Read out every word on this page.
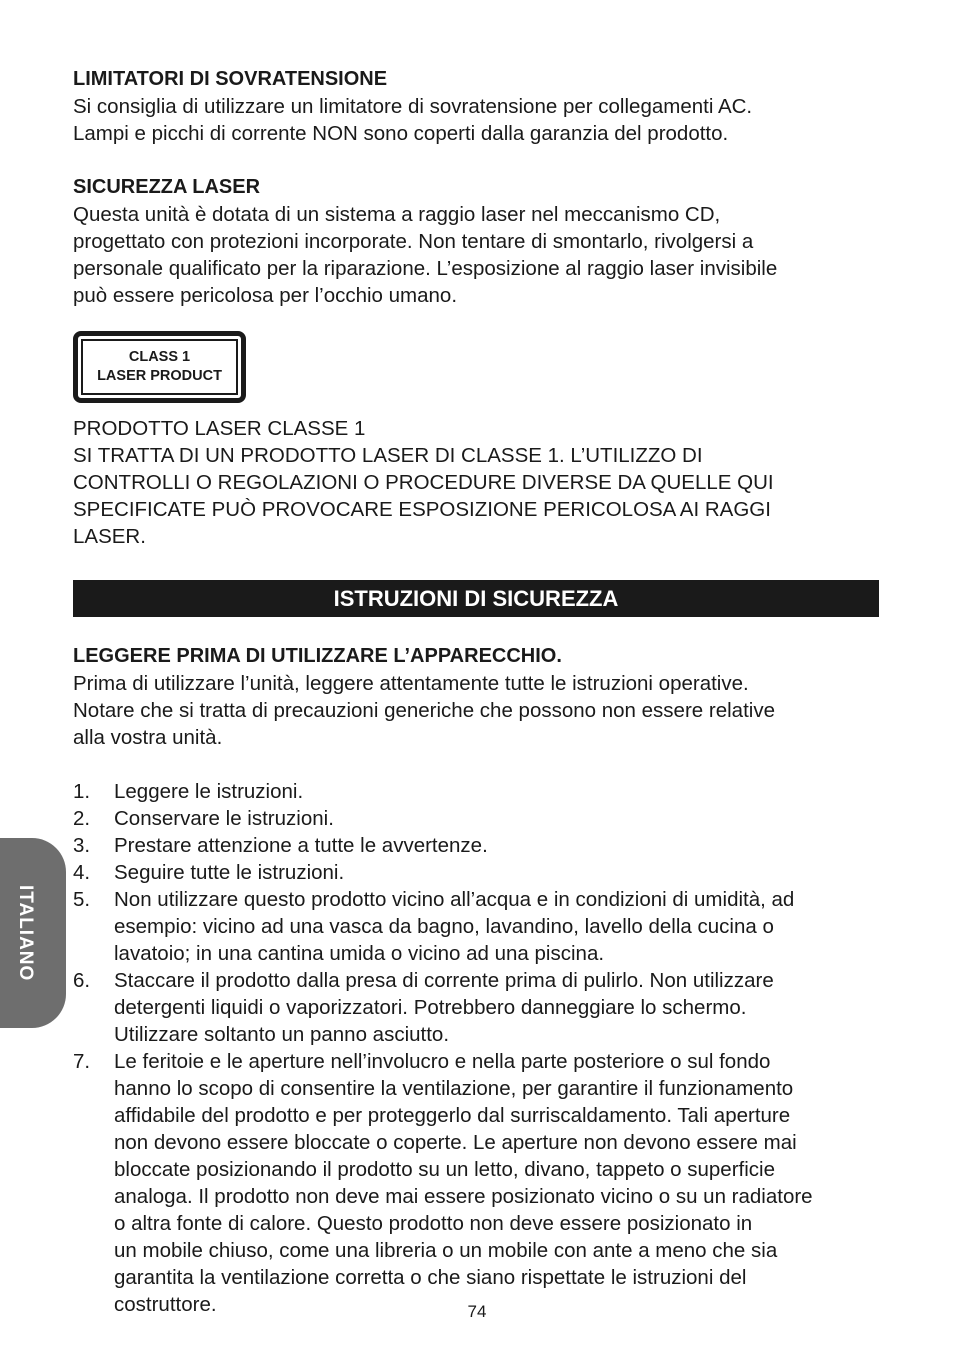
LIMITATORI DI SOVRATENSIONE

Si consiglia di utilizzare un limitatore di sovratensione per collegamenti AC.

Lampi e picchi di corrente NON sono coperti dalla garanzia del prodotto.

SICUREZZA LASER

Questa unità è dotata di un sistema a raggio laser nel meccanismo CD,

progettato con protezioni incorporate. Non tentare di smontarlo, rivolgersi a

personale qualificato per la riparazione. L’esposizione al raggio laser invisibile

può essere pericolosa per l’occhio umano.

CLASS 1
LASER PRODUCT

PRODOTTO LASER CLASSE 1

SI TRATTA DI UN PRODOTTO LASER DI CLASSE 1. L’UTILIZZO DI

CONTROLLI O REGOLAZIONI O PROCEDURE DIVERSE DA QUELLE QUI

SPECIFICATE PUÒ PROVOCARE ESPOSIZIONE PERICOLOSA AI RAGGI

LASER.

ISTRUZIONI DI SICUREZZA

LEGGERE PRIMA DI UTILIZZARE L’APPARECCHIO.

Prima di utilizzare l’unità, leggere attentamente tutte le istruzioni operative.

Notare che si tratta di precauzioni generiche che possono non essere relative

alla vostra unità.

1. Leggere le istruzioni.
2. Conservare le istruzioni.
3. Prestare attenzione a tutte le avvertenze.
4. Seguire tutte le istruzioni.
5. Non utilizzare questo prodotto vicino all’acqua e in condizioni di umidità, ad
esempio: vicino ad una vasca da bagno, lavandino, lavello della cucina o
lavatoio; in una cantina umida o vicino ad una piscina.
6. Staccare il prodotto dalla presa di corrente prima di pulirlo. Non utilizzare
detergenti liquidi o vaporizzatori. Potrebbero danneggiare lo schermo.
Utilizzare soltanto un panno asciutto.
7. Le feritoie e le aperture nell’involucro e nella parte posteriore o sul fondo
hanno lo scopo di consentire la ventilazione, per garantire il funzionamento
affidabile del prodotto e per proteggerlo dal surriscaldamento. Tali aperture
non devono essere bloccate o coperte. Le aperture non devono essere mai
bloccate posizionando il prodotto su un letto, divano, tappeto o superficie
analoga. Il prodotto non deve mai essere posizionato vicino o su un radiatore
o altra fonte di calore. Questo prodotto non deve essere posizionato in
un mobile chiuso, come una libreria o un mobile con ante a meno che sia
garantita la ventilazione corretta o che siano rispettate le istruzioni del
costruttore.
ITALIANO
74
